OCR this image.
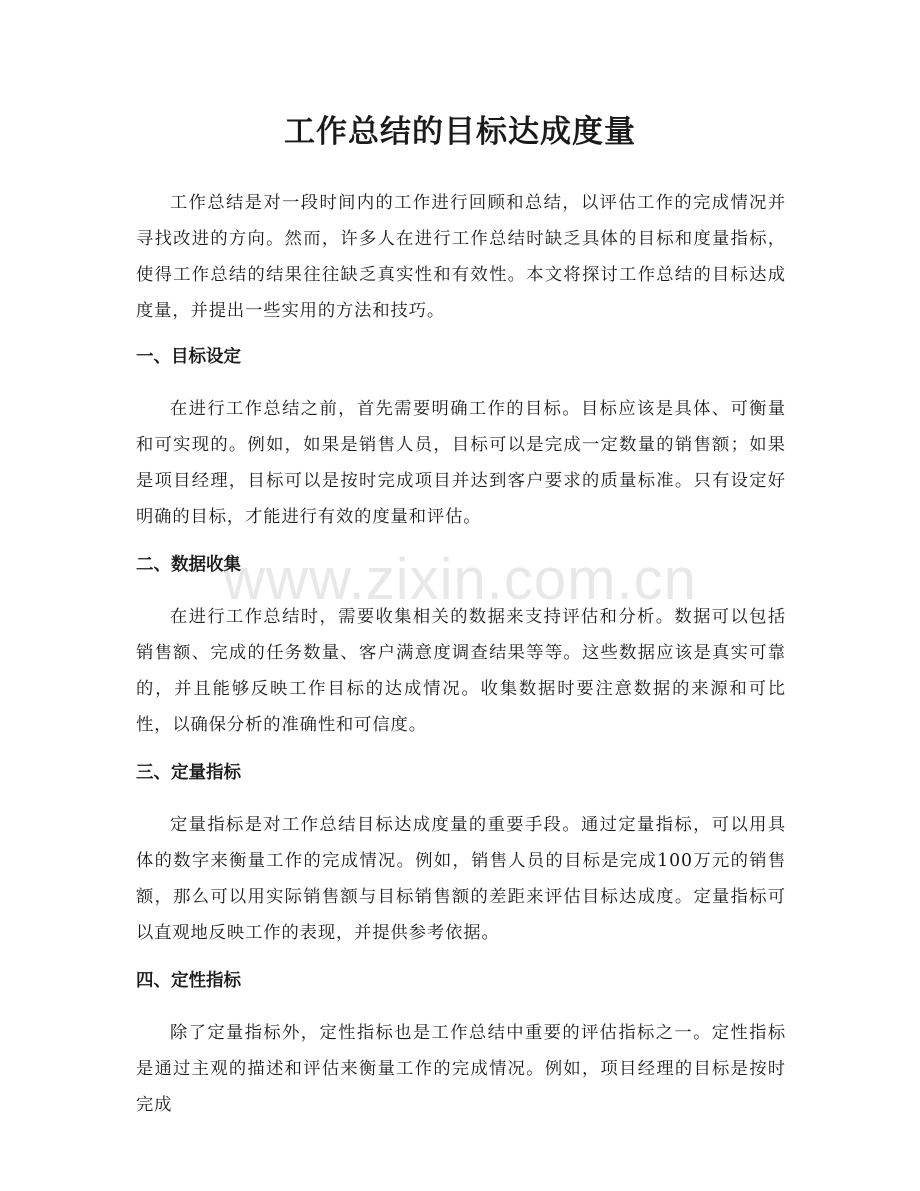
工作总结的目标达成度量

工作总结是对一段时间内的工作进行回顾和总结，以评估工作的完成情况并寻找改进的方向。然而，许多人在进行工作总结时缺乏具体的目标和度量指标，使得工作总结的结果往往缺乏真实性和有效性。本文将探讨工作总结的目标达成度量，并提出一些实用的方法和技巧。

一、目标设定

在进行工作总结之前，首先需要明确工作的目标。目标应该是具体、可衡量和可实现的。例如，如果是销售人员，目标可以是完成一定数量的销售额；如果是项目经理，目标可以是按时完成项目并达到客户要求的质量标准。只有设定好明确的目标，才能进行有效的度量和评估。

二、数据收集

在进行工作总结时，需要收集相关的数据来支持评估和分析。数据可以包括销售额、完成的任务数量、客户满意度调查结果等等。这些数据应该是真实可靠的，并且能够反映工作目标的达成情况。收集数据时要注意数据的来源和可比性，以确保分析的准确性和可信度。

三、定量指标

定量指标是对工作总结目标达成度量的重要手段。通过定量指标，可以用具体的数字来衡量工作的完成情况。例如，销售人员的目标是完成100万元的销售额，那么可以用实际销售额与目标销售额的差距来评估目标达成度。定量指标可以直观地反映工作的表现，并提供参考依据。

四、定性指标

除了定量指标外，定性指标也是工作总结中重要的评估指标之一。定性指标是通过主观的描述和评估来衡量工作的完成情况。例如，项目经理的目标是按时完成

www.zixin.com.cn
